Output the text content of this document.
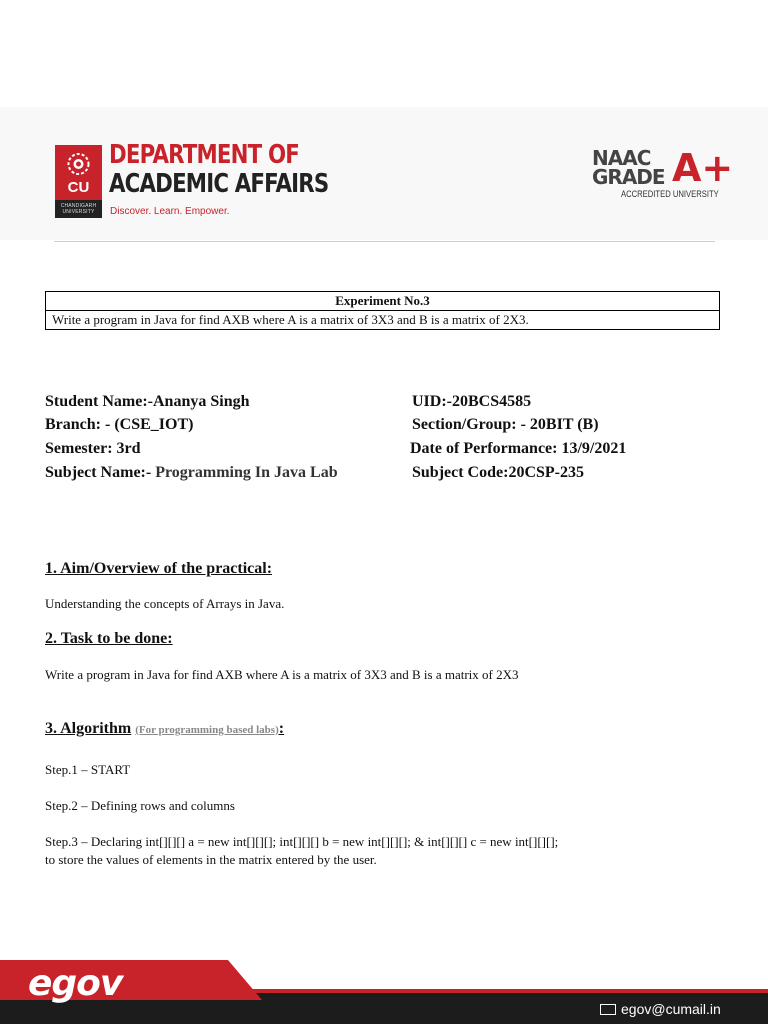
CU
CHANDIGARH UNIVERSITY
DEPARTMENT OF
ACADEMIC AFFAIRS
Discover. Learn. Empower.
NAAC
GRADE A+
ACCREDITED UNIVERSITY
Experiment No.3
Write a program in Java for find AXB where A is a matrix of 3X3 and B is a matrix of 2X3.
Student Name:-Ananya Singh	UID:-20BCS4585
Branch: - (CSE_IOT)	Section/Group: - 20BIT (B)
Semester: 3rd	Date of Performance: 13/9/2021
Subject Name:- Programming In Java Lab	Subject Code:20CSP-235
1. Aim/Overview of the practical:
Understanding the concepts of Arrays in Java.
2. Task to be done:
Write a program in Java for find AXB where A is a matrix of 3X3 and B is a matrix of 2X3
3. Algorithm (For programming based labs):
Step.1 – START
Step.2 – Defining rows and columns
Step.3 – Declaring int[][][] a = new int[][][]; int[][][] b = new int[][][]; & int[][][] c = new int[][][];
to store the values of elements in the matrix entered by the user.
egov
egov@cumail.in
